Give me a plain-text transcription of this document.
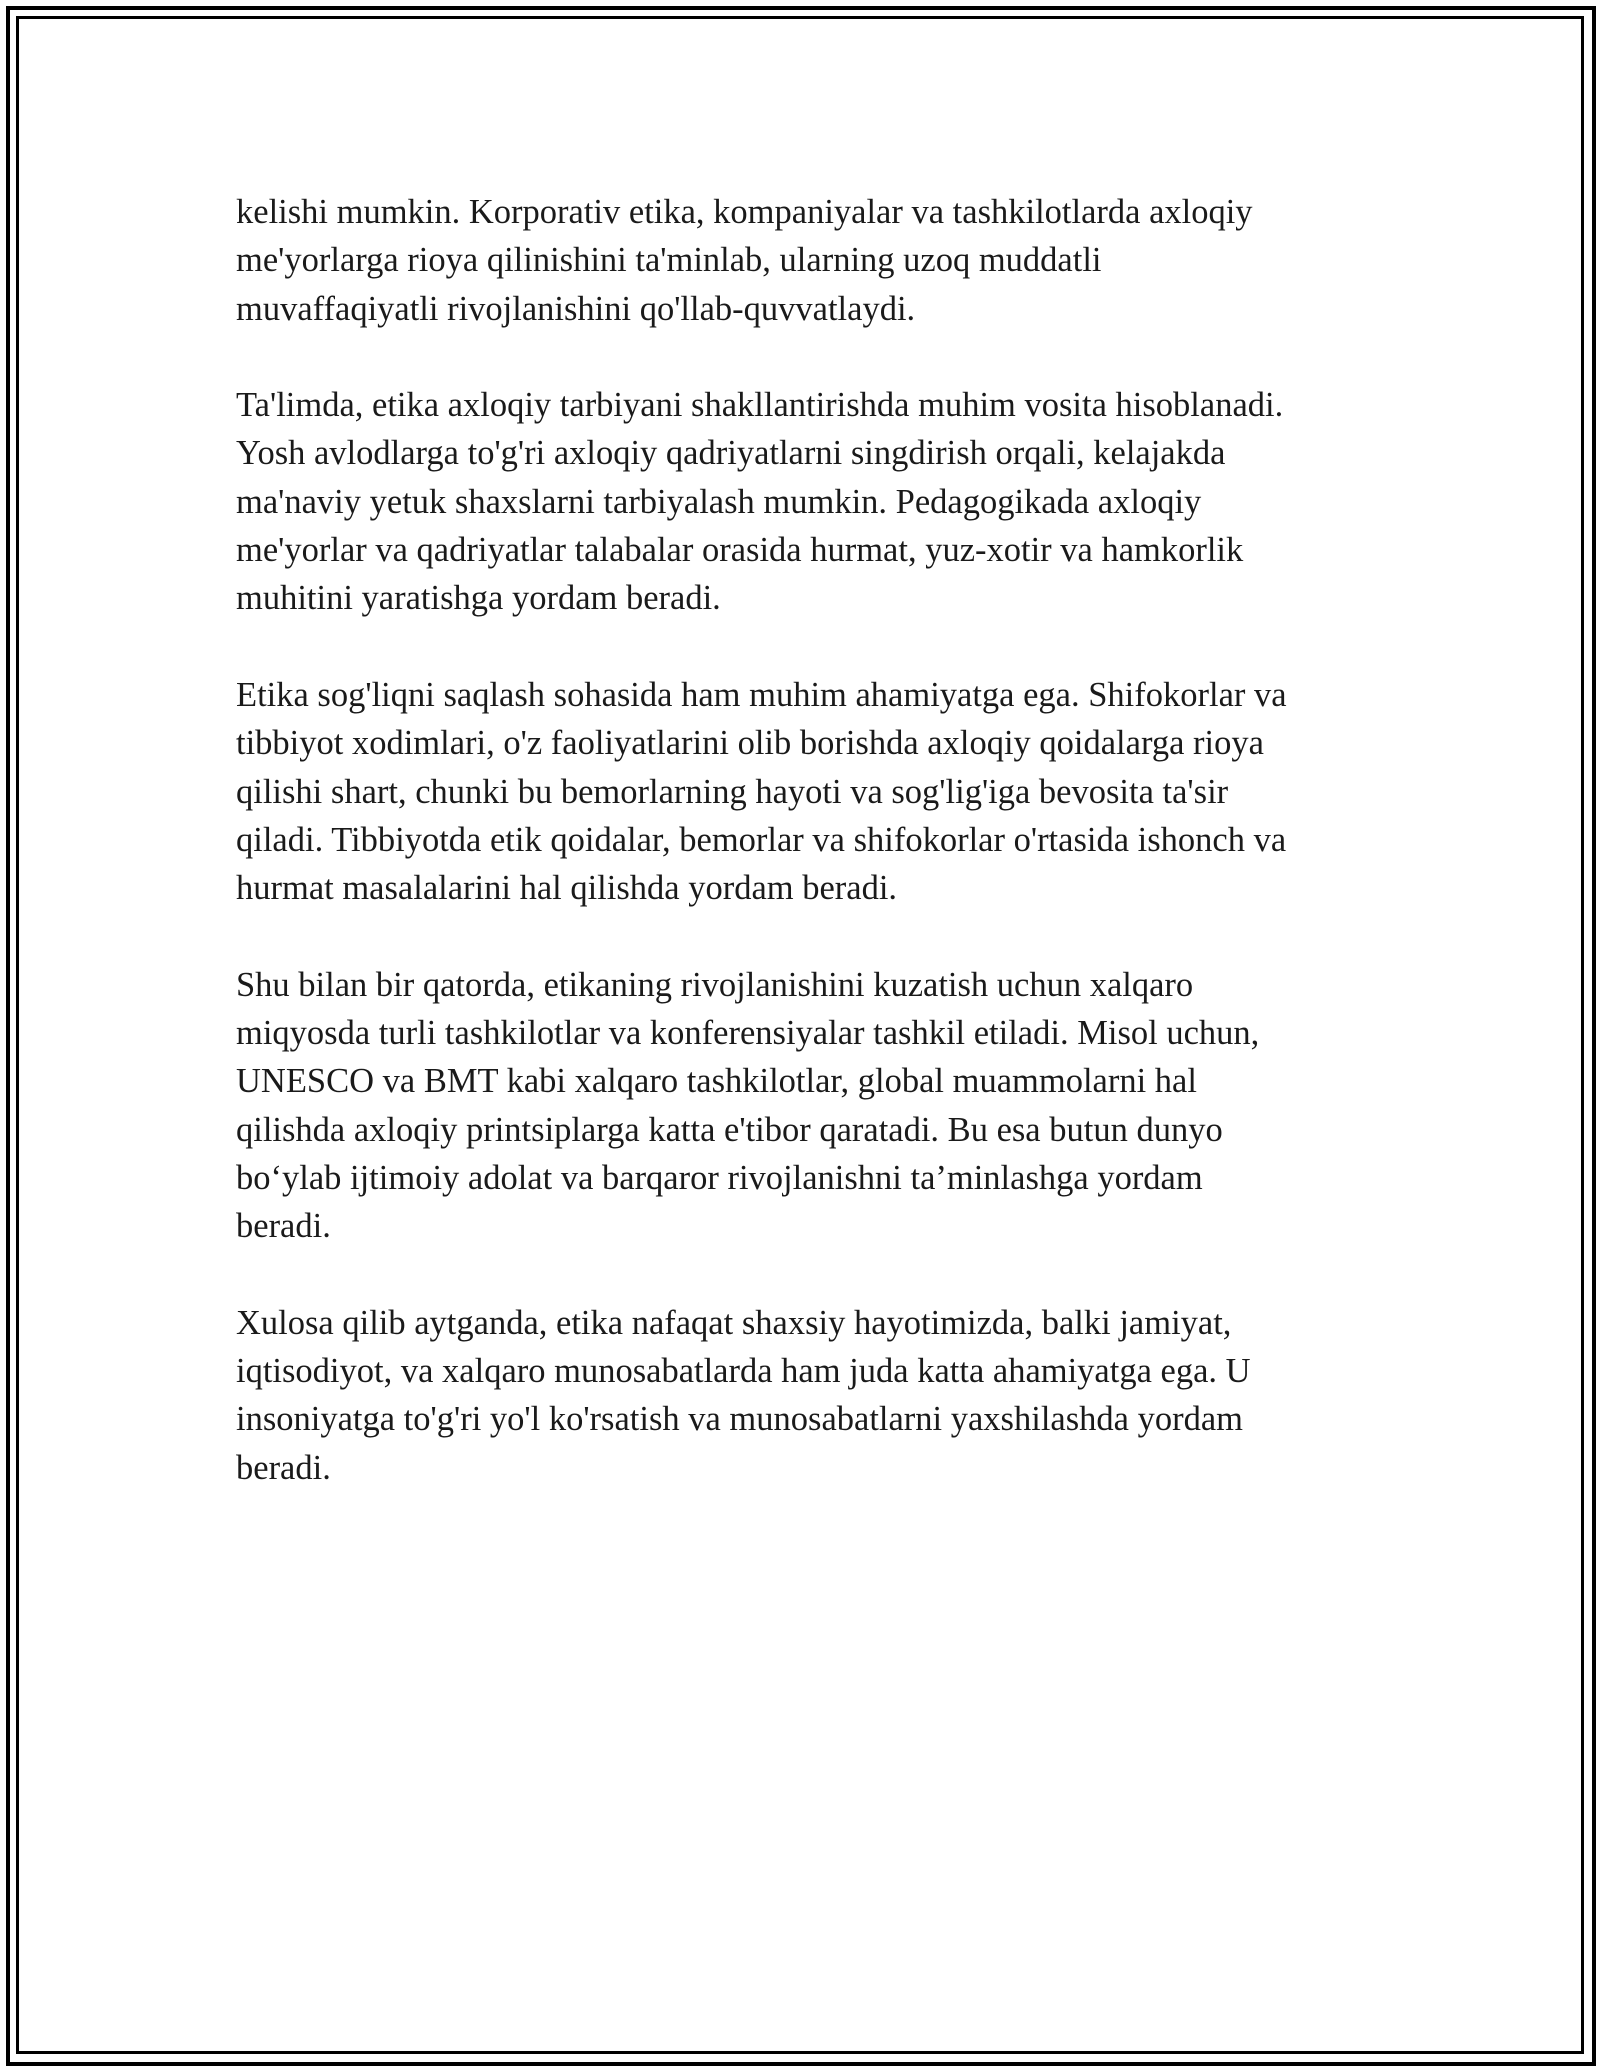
kelishi mumkin. Korporativ etika, kompaniyalar va tashkilotlarda axloqiy
me'yorlarga rioya qilinishini ta'minlab, ularning uzoq muddatli
muvaffaqiyatli rivojlanishini qo'llab-quvvatlaydi.

Ta'limda, etika axloqiy tarbiyani shakllantirishda muhim vosita hisoblanadi.
Yosh avlodlarga to'g'ri axloqiy qadriyatlarni singdirish orqali, kelajakda
ma'naviy yetuk shaxslarni tarbiyalash mumkin. Pedagogikada axloqiy
me'yorlar va qadriyatlar talabalar orasida hurmat, yuz-xotir va hamkorlik
muhitini yaratishga yordam beradi.

Etika sog'liqni saqlash sohasida ham muhim ahamiyatga ega. Shifokorlar va
tibbiyot xodimlari, o'z faoliyatlarini olib borishda axloqiy qoidalarga rioya
qilishi shart, chunki bu bemorlarning hayoti va sog'lig'iga bevosita ta'sir
qiladi. Tibbiyotda etik qoidalar, bemorlar va shifokorlar o'rtasida ishonch va
hurmat masalalarini hal qilishda yordam beradi.

Shu bilan bir qatorda, etikaning rivojlanishini kuzatish uchun xalqaro
miqyosda turli tashkilotlar va konferensiyalar tashkil etiladi. Misol uchun,
UNESCO va BMT kabi xalqaro tashkilotlar, global muammolarni hal
qilishda axloqiy printsiplarga katta e'tibor qaratadi. Bu esa butun dunyo
bo‘ylab ijtimoiy adolat va barqaror rivojlanishni ta’minlashga yordam
beradi.

Xulosa qilib aytganda, etika nafaqat shaxsiy hayotimizda, balki jamiyat,
iqtisodiyot, va xalqaro munosabatlarda ham juda katta ahamiyatga ega. U
insoniyatga to'g'ri yo'l ko'rsatish va munosabatlarni yaxshilashda yordam
beradi.
